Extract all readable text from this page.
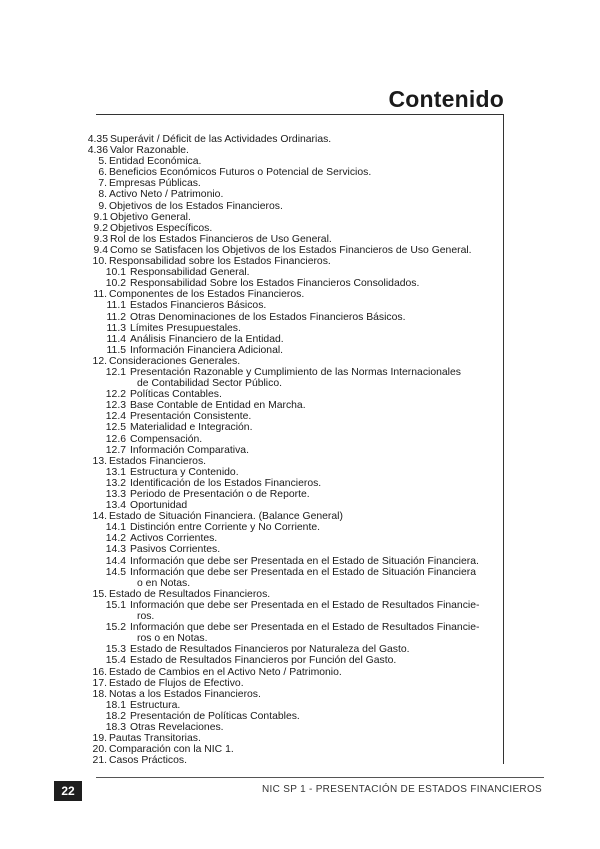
Contenido
4.35 Superávit / Déficit de las Actividades Ordinarias.
4.36 Valor Razonable.
5. Entidad Económica.
6. Beneficios Económicos Futuros o Potencial de Servicios.
7. Empresas Públicas.
8. Activo Neto / Patrimonio.
9. Objetivos de los Estados Financieros.
9.1 Objetivo General.
9.2 Objetivos Específicos.
9.3 Rol de los Estados Financieros de Uso General.
9.4 Como se Satisfacen los Objetivos de los Estados Financieros de Uso General.
10. Responsabilidad sobre los Estados Financieros.
10.1 Responsabilidad General.
10.2 Responsabilidad Sobre los Estados Financieros Consolidados.
11. Componentes de los Estados Financieros.
11.1 Estados Financieros Básicos.
11.2 Otras Denominaciones de los Estados Financieros Básicos.
11.3 Límites Presupuestales.
11.4 Análisis Financiero de la Entidad.
11.5 Información Financiera Adicional.
12. Consideraciones Generales.
12.1 Presentación Razonable y Cumplimiento de las Normas Internacionales
de Contabilidad Sector Público.
12.2 Políticas Contables.
12.3 Base Contable de Entidad en Marcha.
12.4 Presentación Consistente.
12.5 Materialidad e Integración.
12.6 Compensación.
12.7 Información Comparativa.
13. Estados Financieros.
13.1 Estructura y Contenido.
13.2 Identificación de los Estados Financieros.
13.3 Periodo de Presentación o de Reporte.
13.4 Oportunidad
14. Estado de Situación Financiera. (Balance General)
14.1 Distinción entre Corriente y No Corriente.
14.2 Activos Corrientes.
14.3 Pasivos Corrientes.
14.4 Información que debe ser Presentada en el Estado de Situación Financiera.
14.5 Información que debe ser Presentada en el Estado de Situación Financiera
o en Notas.
15. Estado de Resultados Financieros.
15.1 Información que debe ser Presentada en el Estado de Resultados Financie-
ros.
15.2 Información que debe ser Presentada en el Estado de Resultados Financie-
ros o en Notas.
15.3 Estado de Resultados Financieros por Naturaleza del Gasto.
15.4 Estado de Resultados Financieros por Función del Gasto.
16. Estado de Cambios en el Activo Neto / Patrimonio.
17. Estado de Flujos de Efectivo.
18. Notas a los Estados Financieros.
18.1 Estructura.
18.2 Presentación de Políticas Contables.
18.3 Otras Revelaciones.
19. Pautas Transitorias.
20. Comparación con la NIC 1.
21. Casos Prácticos.
22	NIC SP 1 - PRESENTACIÓN DE ESTADOS FINANCIEROS
